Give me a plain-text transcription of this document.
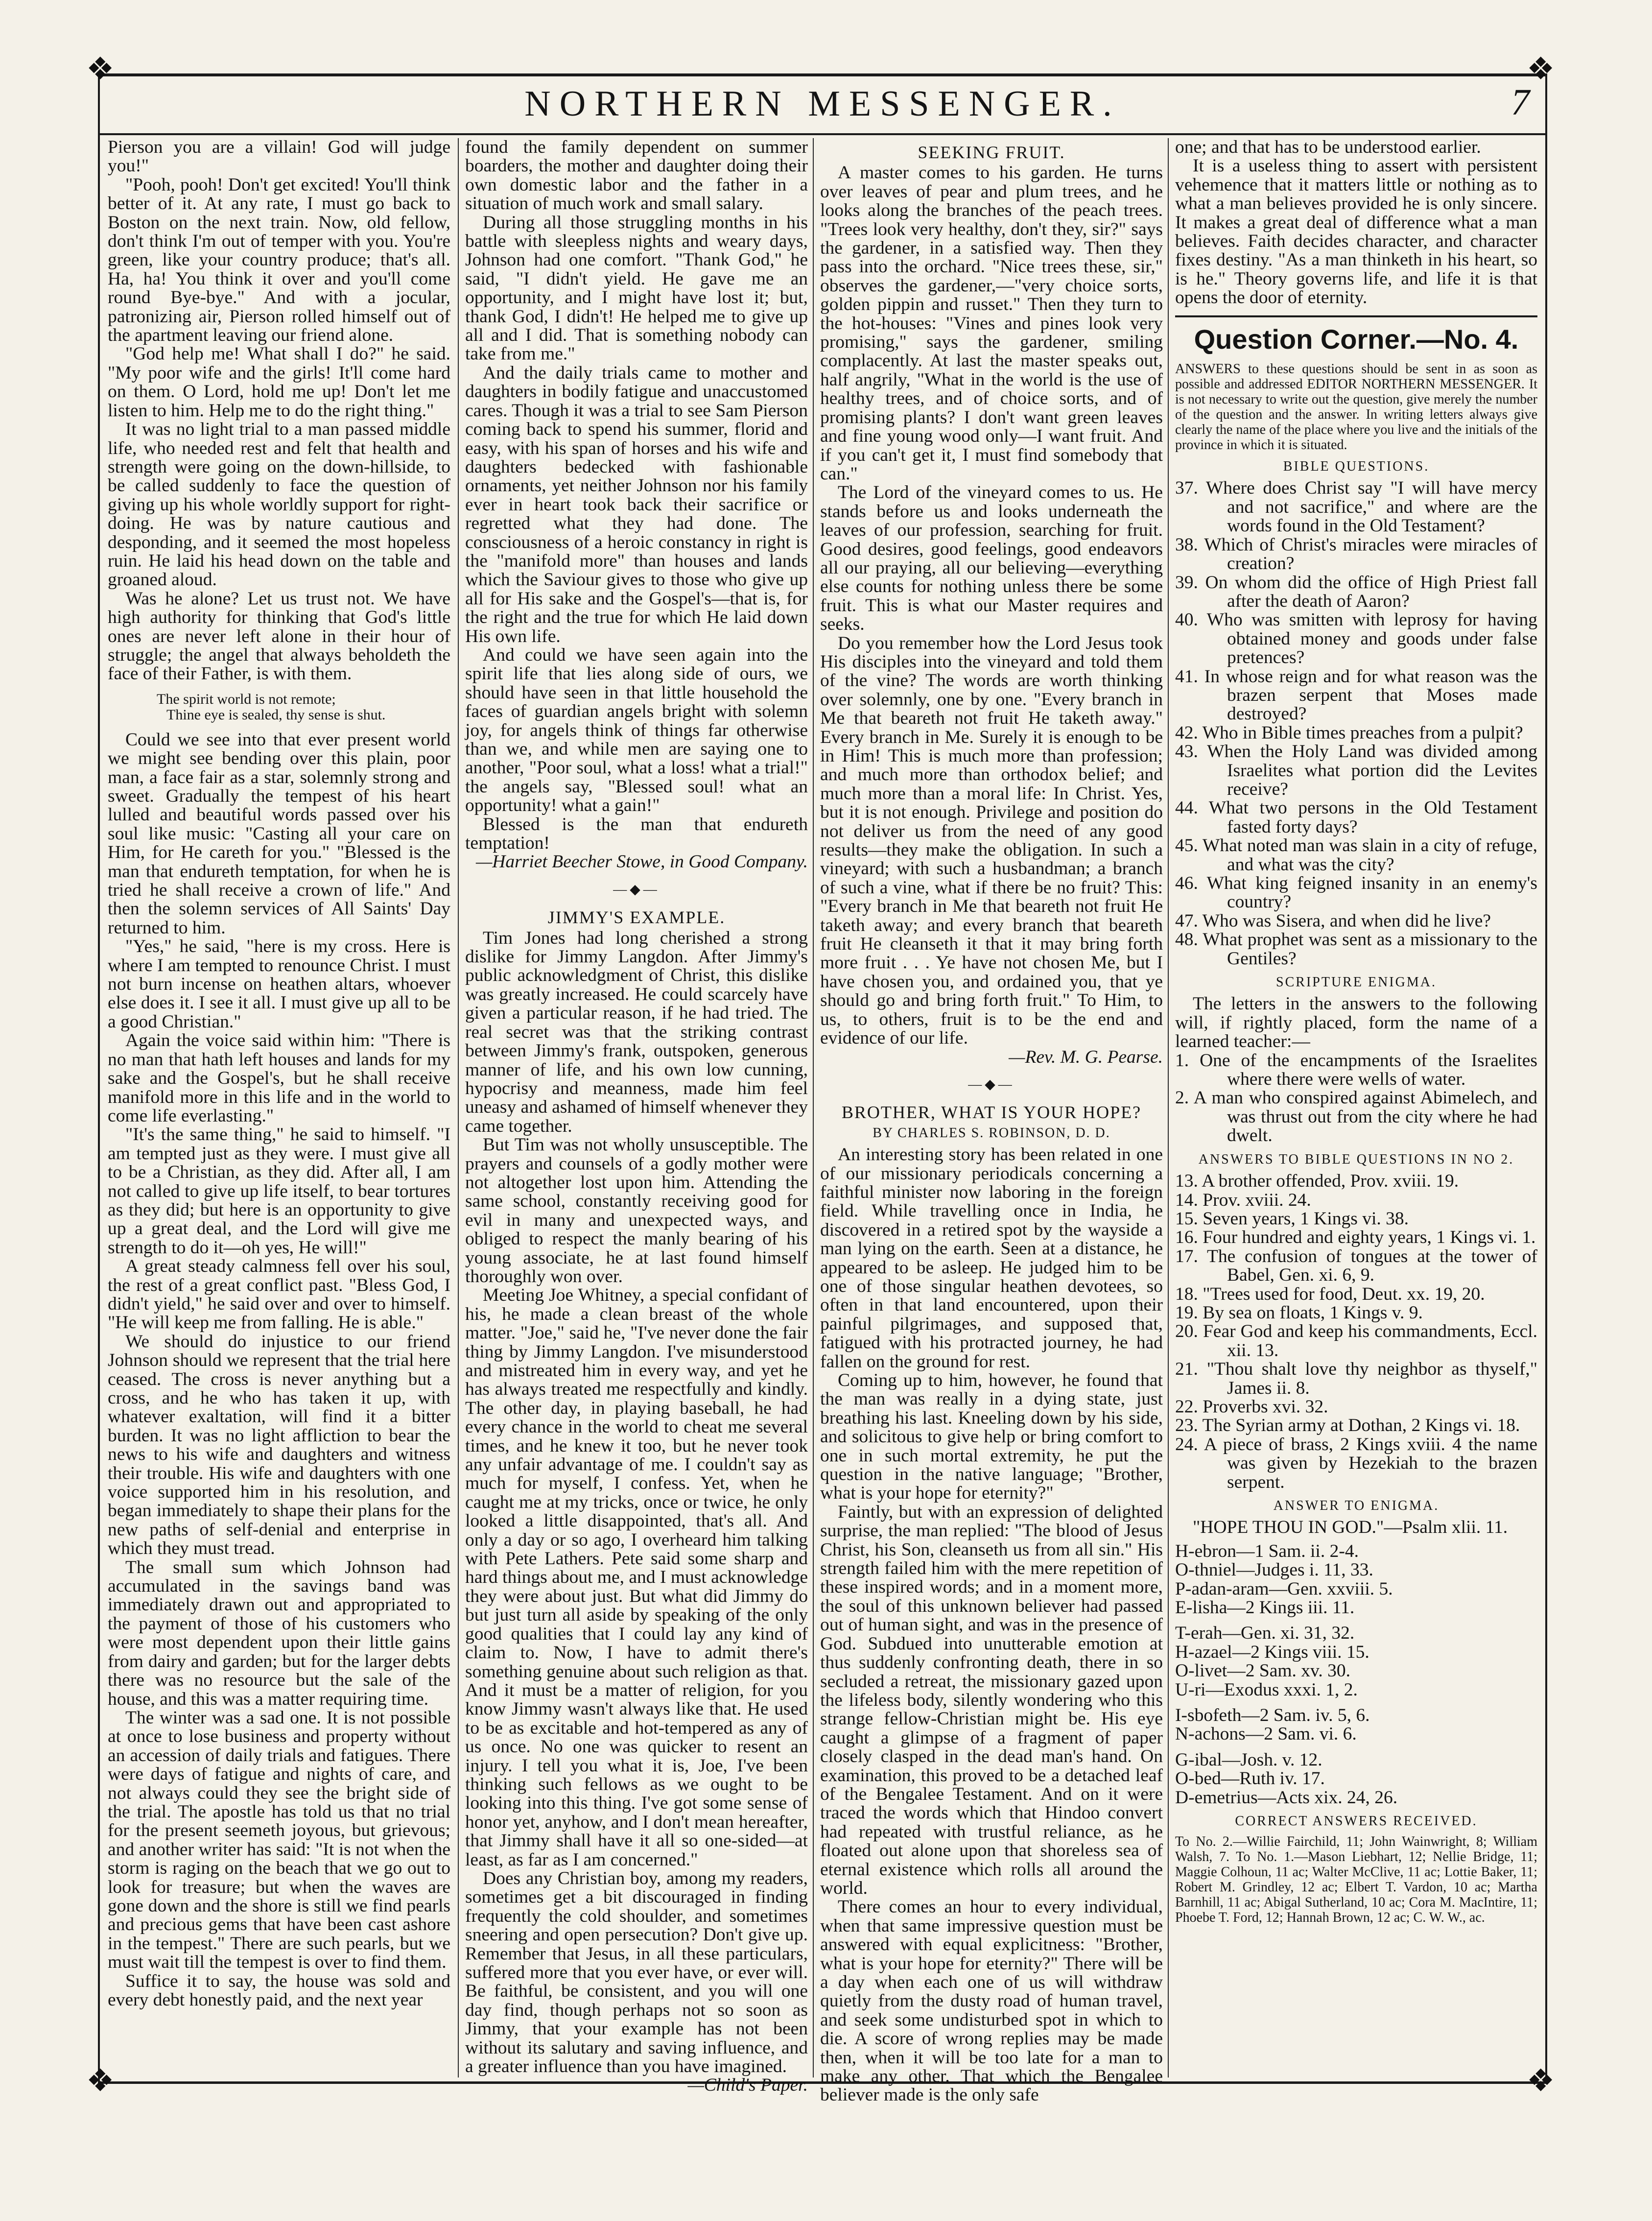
❖	❖
❖	❖
NORTHERN MESSENGER.	7

Pierson you are a villain! God will judge you!"

"Pooh, pooh! Don't get excited! You'll think better of it. At any rate, I must go back to Boston on the next train. Now, old fellow, don't think I'm out of temper with you. You're green, like your country produce; that's all. Ha, ha! You think it over and you'll come round Bye-bye." And with a jocular, patronizing air, Pierson rolled himself out of the apartment leaving our friend alone.

"God help me! What shall I do?" he said. "My poor wife and the girls! It'll come hard on them. O Lord, hold me up! Don't let me listen to him. Help me to do the right thing."

It was no light trial to a man passed middle life, who needed rest and felt that health and strength were going on the down-hillside, to be called suddenly to face the question of giving up his whole worldly support for right-doing. He was by nature cautious and desponding, and it seemed the most hopeless ruin. He laid his head down on the table and groaned aloud.

Was he alone? Let us trust not. We have high authority for thinking that God's little ones are never left alone in their hour of struggle; the angel that always beholdeth the face of their Father, is with them.

The spirit world is not remote;
Thine eye is sealed, thy sense is shut.

Could we see into that ever present world we might see bending over this plain, poor man, a face fair as a star, solemnly strong and sweet. Gradually the tempest of his heart lulled and beautiful words passed over his soul like music: "Casting all your care on Him, for He careth for you." "Blessed is the man that endureth temptation, for when he is tried he shall receive a crown of life." And then the solemn services of All Saints' Day returned to him.

"Yes," he said, "here is my cross. Here is where I am tempted to renounce Christ. I must not burn incense on heathen altars, whoever else does it. I see it all. I must give up all to be a good Christian."

Again the voice said within him: "There is no man that hath left houses and lands for my sake and the Gospel's, but he shall receive manifold more in this life and in the world to come life everlasting."

"It's the same thing," he said to himself. "I am tempted just as they were. I must give all to be a Christian, as they did. After all, I am not called to give up life itself, to bear tortures as they did; but here is an opportunity to give up a great deal, and the Lord will give me strength to do it—oh yes, He will!"

A great steady calmness fell over his soul, the rest of a great conflict past. "Bless God, I didn't yield," he said over and over to himself. "He will keep me from falling. He is able."

We should do injustice to our friend Johnson should we represent that the trial here ceased. The cross is never anything but a cross, and he who has taken it up, with whatever exaltation, will find it a bitter burden. It was no light affliction to bear the news to his wife and daughters and witness their trouble. His wife and daughters with one voice supported him in his resolution, and began immediately to shape their plans for the new paths of self-denial and enterprise in which they must tread.

The small sum which Johnson had accumulated in the savings band was immediately drawn out and appropriated to the payment of those of his customers who were most dependent upon their little gains from dairy and garden; but for the larger debts there was no resource but the sale of the house, and this was a matter requiring time.

The winter was a sad one. It is not possible at once to lose business and property without an accession of daily trials and fatigues. There were days of fatigue and nights of care, and not always could they see the bright side of the trial. The apostle has told us that no trial for the present seemeth joyous, but grievous; and another writer has said: "It is not when the storm is raging on the beach that we go out to look for treasure; but when the waves are gone down and the shore is still we find pearls and precious gems that have been cast ashore in the tempest." There are such pearls, but we must wait till the tempest is over to find them.

Suffice it to say, the house was sold and every debt honestly paid, and the next year

found the family dependent on summer boarders, the mother and daughter doing their own domestic labor and the father in a situation of much work and small salary.

During all those struggling months in his battle with sleepless nights and weary days, Johnson had one comfort. "Thank God," he said, "I didn't yield. He gave me an opportunity, and I might have lost it; but, thank God, I didn't! He helped me to give up all and I did. That is something nobody can take from me."

And the daily trials came to mother and daughters in bodily fatigue and unaccustomed cares. Though it was a trial to see Sam Pierson coming back to spend his summer, florid and easy, with his span of horses and his wife and daughters bedecked with fashionable ornaments, yet neither Johnson nor his family ever in heart took back their sacrifice or regretted what they had done. The consciousness of a heroic constancy in right is the "manifold more" than houses and lands which the Saviour gives to those who give up all for His sake and the Gospel's—that is, for the right and the true for which He laid down His own life.

And could we have seen again into the spirit life that lies along side of ours, we should have seen in that little household the faces of guardian angels bright with solemn joy, for angels think of things far otherwise than we, and while men are saying one to another, "Poor soul, what a loss! what a trial!" the angels say, "Blessed soul! what an opportunity! what a gain!"

Blessed is the man that endureth temptation!

—Harriet Beecher Stowe, in Good Company.
—◆—
JIMMY'S EXAMPLE.

Tim Jones had long cherished a strong dislike for Jimmy Langdon. After Jimmy's public acknowledgment of Christ, this dislike was greatly increased. He could scarcely have given a particular reason, if he had tried. The real secret was that the striking contrast between Jimmy's frank, outspoken, generous manner of life, and his own low cunning, hypocrisy and meanness, made him feel uneasy and ashamed of himself whenever they came together.

But Tim was not wholly unsusceptible. The prayers and counsels of a godly mother were not altogether lost upon him. Attending the same school, constantly receiving good for evil in many and unexpected ways, and obliged to respect the manly bearing of his young associate, he at last found himself thoroughly won over.

Meeting Joe Whitney, a special confidant of his, he made a clean breast of the whole matter. "Joe," said he, "I've never done the fair thing by Jimmy Langdon. I've misunderstood and mistreated him in every way, and yet he has always treated me respectfully and kindly. The other day, in playing baseball, he had every chance in the world to cheat me several times, and he knew it too, but he never took any unfair advantage of me. I couldn't say as much for myself, I confess. Yet, when he caught me at my tricks, once or twice, he only looked a little disappointed, that's all. And only a day or so ago, I overheard him talking with Pete Lathers. Pete said some sharp and hard things about me, and I must acknowledge they were about just. But what did Jimmy do but just turn all aside by speaking of the only good qualities that I could lay any kind of claim to. Now, I have to admit there's something genuine about such religion as that. And it must be a matter of religion, for you know Jimmy wasn't always like that. He used to be as excitable and hot-tempered as any of us once. No one was quicker to resent an injury. I tell you what it is, Joe, I've been thinking such fellows as we ought to be looking into this thing. I've got some sense of honor yet, anyhow, and I don't mean hereafter, that Jimmy shall have it all so one-sided—at least, as far as I am concerned."

Does any Christian boy, among my readers, sometimes get a bit discouraged in finding frequently the cold shoulder, and sometimes sneering and open persecution? Don't give up. Remember that Jesus, in all these particulars, suffered more that you ever have, or ever will. Be faithful, be consistent, and you will one day find, though perhaps not so soon as Jimmy, that your example has not been without its salutary and saving influence, and a greater influence than you have imagined.

—Child's Paper.
SEEKING FRUIT.

A master comes to his garden. He turns over leaves of pear and plum trees, and he looks along the branches of the peach trees. "Trees look very healthy, don't they, sir?" says the gardener, in a satisfied way. Then they pass into the orchard. "Nice trees these, sir," observes the gardener,—"very choice sorts, golden pippin and russet." Then they turn to the hot-houses: "Vines and pines look very promising," says the gardener, smiling complacently. At last the master speaks out, half angrily, "What in the world is the use of healthy trees, and of choice sorts, and of promising plants? I don't want green leaves and fine young wood only—I want fruit. And if you can't get it, I must find somebody that can."

The Lord of the vineyard comes to us. He stands before us and looks underneath the leaves of our profession, searching for fruit. Good desires, good feelings, good endeavors all our praying, all our believing—everything else counts for nothing unless there be some fruit. This is what our Master requires and seeks.

Do you remember how the Lord Jesus took His disciples into the vineyard and told them of the vine? The words are worth thinking over solemnly, one by one. "Every branch in Me that beareth not fruit He taketh away." Every branch in Me. Surely it is enough to be in Him! This is much more than profession; and much more than orthodox belief; and much more than a moral life: In Christ. Yes, but it is not enough. Privilege and position do not deliver us from the need of any good results—they make the obligation. In such a vineyard; with such a husbandman; a branch of such a vine, what if there be no fruit? This: "Every branch in Me that beareth not fruit He taketh away; and every branch that beareth fruit He cleanseth it that it may bring forth more fruit . . . Ye have not chosen Me, but I have chosen you, and ordained you, that ye should go and bring forth fruit." To Him, to us, to others, fruit is to be the end and evidence of our life.

—Rev. M. G. Pearse.
—◆—
BROTHER, WHAT IS YOUR HOPE?
BY CHARLES S. ROBINSON, D. D.

An interesting story has been related in one of our missionary periodicals concerning a faithful minister now laboring in the foreign field. While travelling once in India, he discovered in a retired spot by the wayside a man lying on the earth. Seen at a distance, he appeared to be asleep. He judged him to be one of those singular heathen devotees, so often in that land encountered, upon their painful pilgrimages, and supposed that, fatigued with his protracted journey, he had fallen on the ground for rest.

Coming up to him, however, he found that the man was really in a dying state, just breathing his last. Kneeling down by his side, and solicitous to give help or bring comfort to one in such mortal extremity, he put the question in the native language; "Brother, what is your hope for eternity?"

Faintly, but with an expression of delighted surprise, the man replied: "The blood of Jesus Christ, his Son, cleanseth us from all sin." His strength failed him with the mere repetition of these inspired words; and in a moment more, the soul of this unknown believer had passed out of human sight, and was in the presence of God. Subdued into unutterable emotion at thus suddenly confronting death, there in so secluded a retreat, the missionary gazed upon the lifeless body, silently wondering who this strange fellow-Christian might be. His eye caught a glimpse of a fragment of paper closely clasped in the dead man's hand. On examination, this proved to be a detached leaf of the Bengalee Testament. And on it were traced the words which that Hindoo convert had repeated with trustful reliance, as he floated out alone upon that shoreless sea of eternal existence which rolls all around the world.

There comes an hour to every individual, when that same impressive question must be answered with equal explicitness: "Brother, what is your hope for eternity?" There will be a day when each one of us will withdraw quietly from the dusty road of human travel, and seek some undisturbed spot in which to die. A score of wrong replies may be made then, when it will be too late for a man to make any other. That which the Bengalee believer made is the only safe

one; and that has to be understood earlier.

It is a useless thing to assert with persistent vehemence that it matters little or nothing as to what a man believes provided he is only sincere. It makes a great deal of difference what a man believes. Faith decides character, and character fixes destiny. "As a man thinketh in his heart, so is he." Theory governs life, and life it is that opens the door of eternity.

Question Corner.—No. 4.
ANSWERS to these questions should be sent in as soon as possible and addressed EDITOR NORTHERN MESSENGER. It is not necessary to write out the question, give merely the number of the question and the answer. In writing letters always give clearly the name of the place where you live and the initials of the province in which it is situated.
BIBLE QUESTIONS.
37. Where does Christ say "I will have mercy and not sacrifice," and where are the words found in the Old Testament?
38. Which of Christ's miracles were miracles of creation?
39. On whom did the office of High Priest fall after the death of Aaron?
40. Who was smitten with leprosy for having obtained money and goods under false pretences?
41. In whose reign and for what reason was the brazen serpent that Moses made destroyed?
42. Who in Bible times preaches from a pulpit?
43. When the Holy Land was divided among Israelites what portion did the Levites receive?
44. What two persons in the Old Testament fasted forty days?
45. What noted man was slain in a city of refuge, and what was the city?
46. What king feigned insanity in an enemy's country?
47. Who was Sisera, and when did he live?
48. What prophet was sent as a missionary to the Gentiles?
SCRIPTURE ENIGMA.

The letters in the answers to the following will, if rightly placed, form the name of a learned teacher:—

1. One of the encampments of the Israelites where there were wells of water.
2. A man who conspired against Abimelech, and was thrust out from the city where he had dwelt.
ANSWERS TO BIBLE QUESTIONS IN NO 2.
13. A brother offended, Prov. xviii. 19.
14. Prov. xviii. 24.
15. Seven years, 1 Kings vi. 38.
16. Four hundred and eighty years, 1 Kings vi. 1.
17. The confusion of tongues at the tower of Babel, Gen. xi. 6, 9.
18. "Trees used for food, Deut. xx. 19, 20.
19. By sea on floats, 1 Kings v. 9.
20. Fear God and keep his commandments, Eccl. xii. 13.
21. "Thou shalt love thy neighbor as thyself," James ii. 8.
22. Proverbs xvi. 32.
23. The Syrian army at Dothan, 2 Kings vi. 18.
24. A piece of brass, 2 Kings xviii. 4 the name was given by Hezekiah to the brazen serpent.
ANSWER TO ENIGMA.
"HOPE THOU IN GOD."—Psalm xlii. 11.
H-ebron—1 Sam. ii. 2-4.
O-thniel—Judges i. 11, 33.
P-adan-aram—Gen. xxviii. 5.
E-lisha—2 Kings iii. 11.
T-erah—Gen. xi. 31, 32.
H-azael—2 Kings viii. 15.
O-livet—2 Sam. xv. 30.
U-ri—Exodus xxxi. 1, 2.
I-sbofeth—2 Sam. iv. 5, 6.
N-achons—2 Sam. vi. 6.
G-ibal—Josh. v. 12.
O-bed—Ruth iv. 17.
D-emetrius—Acts xix. 24, 26.
CORRECT ANSWERS RECEIVED.
To No. 2.—Willie Fairchild, 11; John Wainwright, 8; William Walsh, 7. To No. 1.—Mason Liebhart, 12; Nellie Bridge, 11; Maggie Colhoun, 11 ac; Walter McClive, 11 ac; Lottie Baker, 11; Robert M. Grindley, 12 ac; Elbert T. Vardon, 10 ac; Martha Barnhill, 11 ac; Abigal Sutherland, 10 ac; Cora M. MacIntire, 11; Phoebe T. Ford, 12; Hannah Brown, 12 ac; C. W. W., ac.
